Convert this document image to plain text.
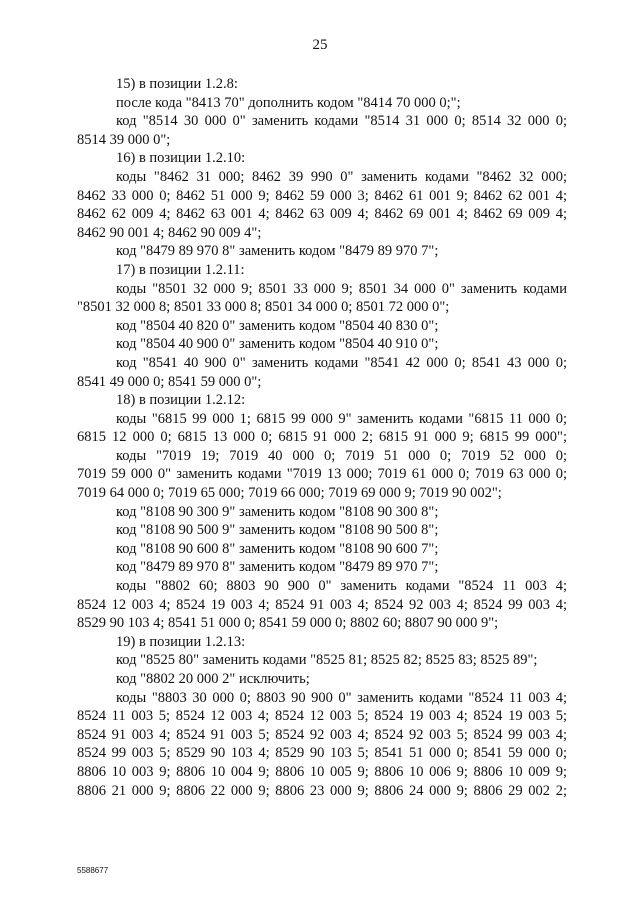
25
15) в позиции 1.2.8:
после кода "8413 70" дополнить кодом "8414 70 000 0;";
код "8514 30 000 0" заменить кодами "8514 31 000 0; 8514 32 000 0;
8514 39 000 0";
16) в позиции 1.2.10:
коды "8462 31 000; 8462 39 990 0" заменить кодами "8462 32 000;
8462 33 000 0; 8462 51 000 9; 8462 59 000 3; 8462 61 001 9; 8462 62 001 4;
8462 62 009 4; 8462 63 001 4; 8462 63 009 4; 8462 69 001 4; 8462 69 009 4;
8462 90 001 4; 8462 90 009 4";
код "8479 89 970 8" заменить кодом "8479 89 970 7";
17) в позиции 1.2.11:
коды "8501 32 000 9; 8501 33 000 9; 8501 34 000 0" заменить кодами
"8501 32 000 8; 8501 33 000 8; 8501 34 000 0; 8501 72 000 0";
код "8504 40 820 0" заменить кодом "8504 40 830 0";
код "8504 40 900 0" заменить кодом "8504 40 910 0";
код "8541 40 900 0" заменить кодами "8541 42 000 0; 8541 43 000 0;
8541 49 000 0; 8541 59 000 0";
18) в позиции 1.2.12:
коды "6815 99 000 1; 6815 99 000 9" заменить кодами "6815 11 000 0;
6815 12 000 0; 6815 13 000 0; 6815 91 000 2; 6815 91 000 9; 6815 99 000";
коды "7019 19; 7019 40 000 0; 7019 51 000 0; 7019 52 000 0;
7019 59 000 0" заменить кодами "7019 13 000; 7019 61 000 0; 7019 63 000 0;
7019 64 000 0; 7019 65 000; 7019 66 000; 7019 69 000 9; 7019 90 002";
код "8108 90 300 9" заменить кодом "8108 90 300 8";
код "8108 90 500 9" заменить кодом "8108 90 500 8";
код "8108 90 600 8" заменить кодом "8108 90 600 7";
код "8479 89 970 8" заменить кодом "8479 89 970 7";
коды "8802 60; 8803 90 900 0" заменить кодами "8524 11 003 4;
8524 12 003 4; 8524 19 003 4; 8524 91 003 4; 8524 92 003 4; 8524 99 003 4;
8529 90 103 4; 8541 51 000 0; 8541 59 000 0; 8802 60; 8807 90 000 9";
19) в позиции 1.2.13:
код "8525 80" заменить кодами "8525 81; 8525 82; 8525 83; 8525 89";
код "8802 20 000 2" исключить;
коды "8803 30 000 0; 8803 90 900 0" заменить кодами "8524 11 003 4;
8524 11 003 5; 8524 12 003 4; 8524 12 003 5; 8524 19 003 4; 8524 19 003 5;
8524 91 003 4; 8524 91 003 5; 8524 92 003 4; 8524 92 003 5; 8524 99 003 4;
8524 99 003 5; 8529 90 103 4; 8529 90 103 5; 8541 51 000 0; 8541 59 000 0;
8806 10 003 9; 8806 10 004 9; 8806 10 005 9; 8806 10 006 9; 8806 10 009 9;
8806 21 000 9; 8806 22 000 9; 8806 23 000 9; 8806 24 000 9; 8806 29 002 2;
5588677
